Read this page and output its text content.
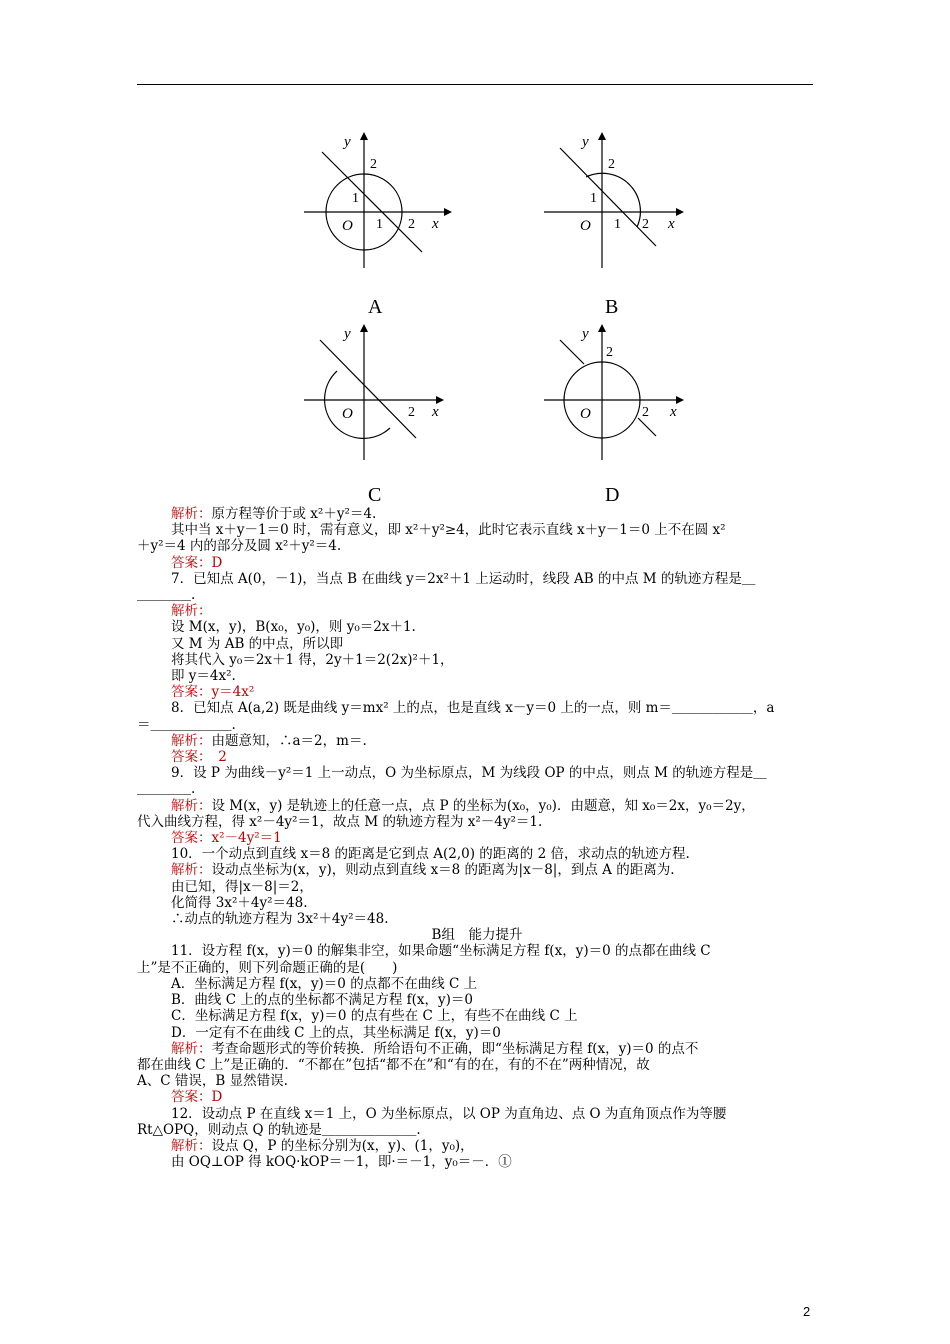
y
x
O
2
1
1 2
A
y
x
O
2
1
1 2
B
y
x
O	2
C
y
x
O
2
2
D
解析：原方程等价于或 x²＋y²＝4.
其中当 x＋y－1＝0 时，需有意义，即 x²＋y²≥4，此时它表示直线 x＋y－1＝0 上不在圆 x²
＋y²＝4 内的部分及圆 x²＋y²＝4.
答案：D
7．已知点 A(0，－1)，当点 B 在曲线 y＝2x²＋1 上运动时，线段 AB 的中点 M 的轨迹方程是＿
＿＿＿＿.
解析：
设 M(x，y)，B(x₀，y₀)，则 y₀＝2x＋1.
又 M 为 AB 的中点，所以即
将其代入 y₀＝2x＋1 得，2y＋1＝2(2x)²＋1，
即 y＝4x².
答案：y＝4x²
8．已知点 A(a,2) 既是曲线 y＝mx² 上的点，也是直线 x－y＝0 上的一点，则 m＝＿＿＿＿＿＿，a
＝＿＿＿＿＿＿.
解析：由题意知，∴a＝2，m＝.
答案：　2
9．设 P 为曲线－y²＝1 上一动点，O 为坐标原点，M 为线段 OP 的中点，则点 M 的轨迹方程是＿
＿＿＿＿.
解析：设 M(x，y) 是轨迹上的任意一点，点 P 的坐标为(x₀，y₀)．由题意，知 x₀＝2x，y₀＝2y，
代入曲线方程，得 x²－4y²＝1，故点 M 的轨迹方程为 x²－4y²＝1.
答案：x²－4y²＝1
10．一个动点到直线 x＝8 的距离是它到点 A(2,0) 的距离的 2 倍，求动点的轨迹方程.
解析：设动点坐标为(x，y)，则动点到直线 x＝8 的距离为|x－8|，到点 A 的距离为.
由已知，得|x－8|＝2，
化简得 3x²＋4y²＝48.
∴动点的轨迹方程为 3x²＋4y²＝48.
B组　能力提升
11．设方程 f(x，y)＝0 的解集非空，如果命题“坐标满足方程 f(x，y)＝0 的点都在曲线 C
上”是不正确的，则下列命题正确的是(　　)
A．坐标满足方程 f(x，y)＝0 的点都不在曲线 C 上
B．曲线 C 上的点的坐标都不满足方程 f(x，y)＝0
C．坐标满足方程 f(x，y)＝0 的点有些在 C 上，有些不在曲线 C 上
D．一定有不在曲线 C 上的点，其坐标满足 f(x，y)＝0
解析：考查命题形式的等价转换．所给语句不正确，即“坐标满足方程 f(x，y)＝0 的点不
都在曲线 C 上”是正确的．“不都在”包括“都不在”和“有的在，有的不在”两种情况，故
A、C 错误，B 显然错误.
答案：D
12．设动点 P 在直线 x＝1 上，O 为坐标原点，以 OP 为直角边、点 O 为直角顶点作为等腰
Rt△OPQ，则动点 Q 的轨迹是＿＿＿＿＿＿＿.
解析：设点 Q，P 的坐标分别为(x，y)、(1，y₀)，
由 OQ⊥OP 得 kOQ·kOP＝－1，即·＝－1，y₀＝－．①
2
